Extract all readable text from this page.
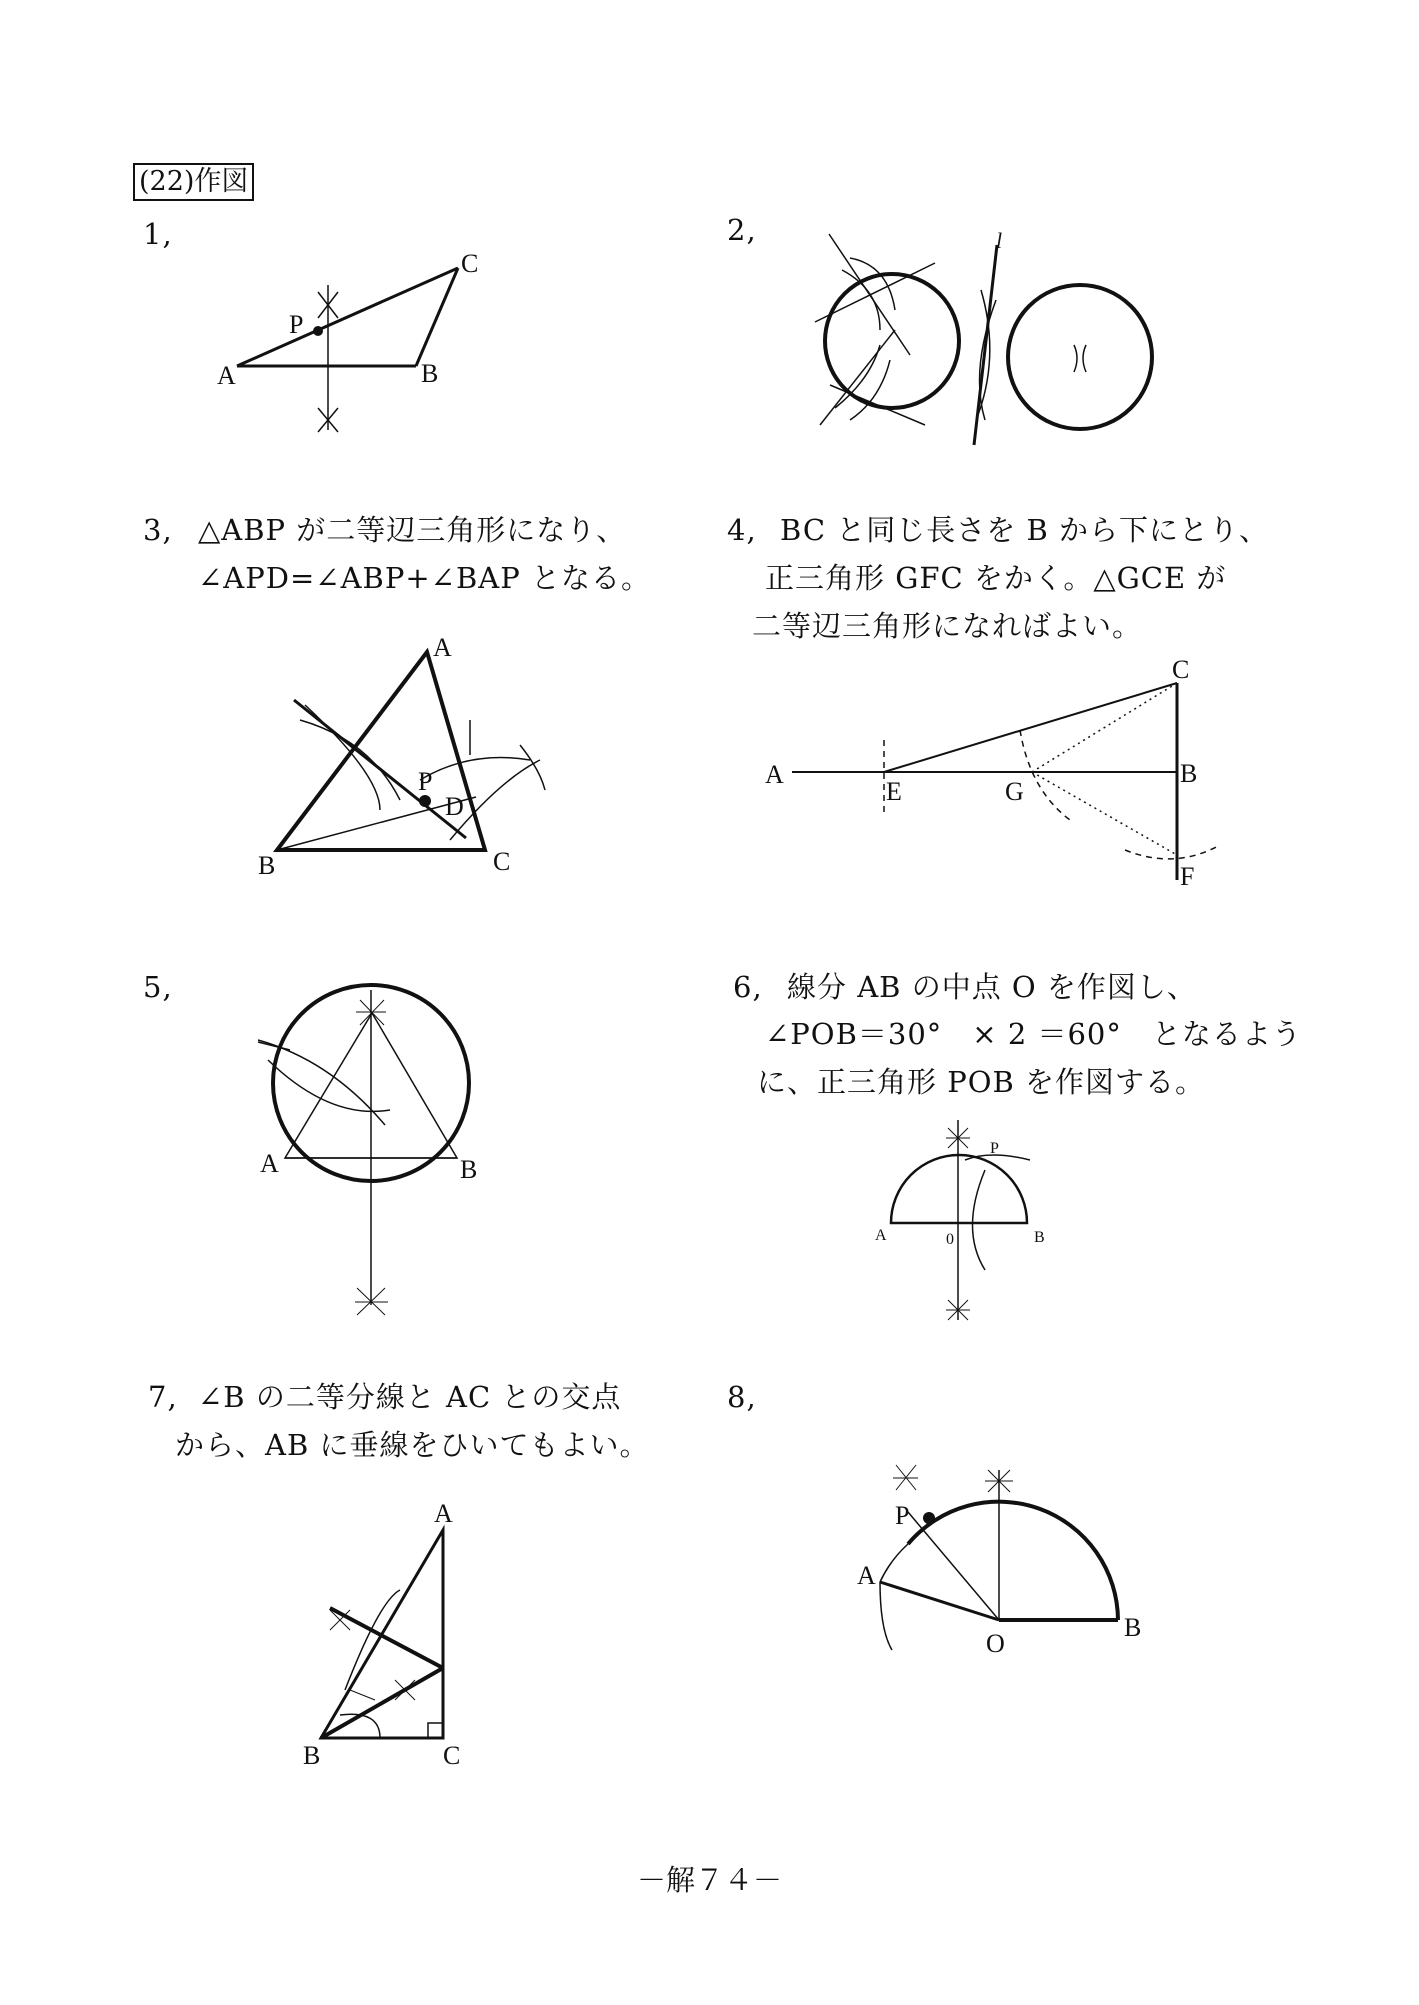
(22)作図
1,
A	B
C
P
2,	l
3, △ABP が二等辺三角形になり、
∠APD=∠ABP+∠BAP となる。
A
B	C
P
D
4, BC と同じ長さを B から下にとり、
正三角形 GFC をかく。△GCE が
二等辺三角形になればよい。
A
E	G
B
C
F
5,
A	B
6, 線分 AB の中点 O を作図し、
∠POB＝30°　× 2 ＝60°　となるよう
に、正三角形 POB を作図する。
A	0	B
P
7, ∠B の二等分線と AC との交点
から、AB に垂線をひいてもよい。
A
B	C
8,
P
A
O
B
－解７４－
